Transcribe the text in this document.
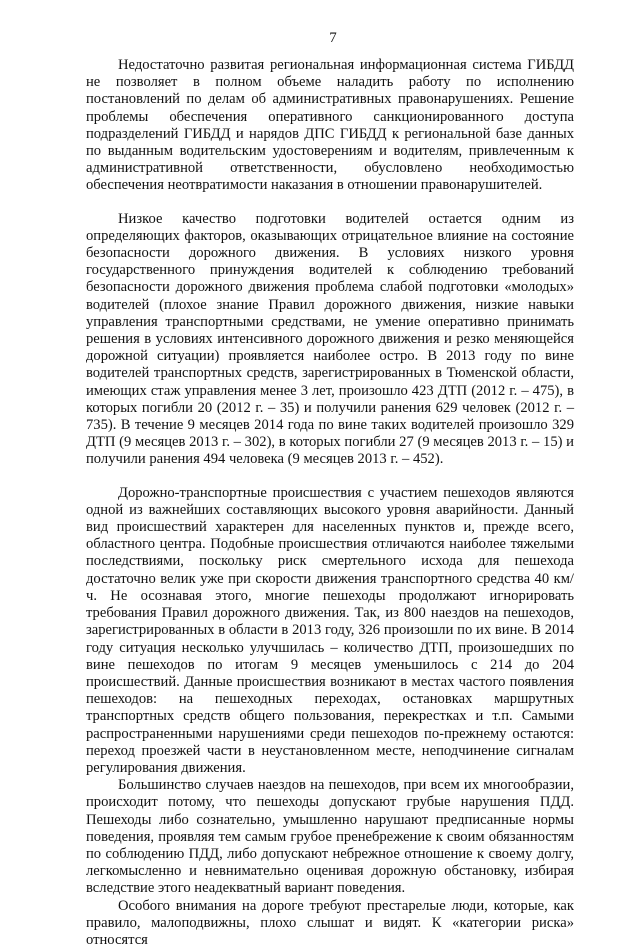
7

Недостаточно развитая региональная информационная система ГИБДД не позволяет в полном объеме наладить работу по исполнению постановлений по делам об административных правонарушениях. Решение проблемы обеспечения оперативного санкционированного доступа подразделений ГИБДД и нарядов ДПС ГИБДД к региональной базе данных по выданным водительским удостоверениям и водителям, привлеченным к административной ответственности, обусловлено необходимостью обеспечения неотвратимости наказания в отношении правонарушителей.

Низкое качество подготовки водителей остается одним из определяющих факторов, оказывающих отрицательное влияние на состояние безопасности дорожного движения. В условиях низкого уровня государственного принуждения водителей к соблюдению требований безопасности дорожного движения проблема слабой подготовки «молодых» водителей (плохое знание Правил дорожного движения, низкие навыки управления транспортными средствами, не умение оперативно принимать решения в условиях интенсивного дорожного движения и резко меняющейся дорожной ситуации) проявляется наиболее остро. В 2013 году по вине водителей транспортных средств, зарегистрированных в Тюменской области, имеющих стаж управления менее 3 лет, произошло 423 ДТП (2012 г. – 475), в которых погибли 20 (2012 г. – 35) и получили ранения 629 человек (2012 г. – 735). В течение 9 месяцев 2014 года по вине таких водителей произошло 329 ДТП (9 месяцев 2013 г. – 302), в которых погибли 27 (9 месяцев 2013 г. – 15) и получили ранения 494 человека (9 месяцев 2013 г. – 452).

Дорожно-транспортные происшествия с участием пешеходов являются одной из важнейших составляющих высокого уровня аварийности. Данный вид происшествий характерен для населенных пунктов и, прежде всего, областного центра. Подобные происшествия отличаются наиболее тяжелыми последствиями, поскольку риск смертельного исхода для пешехода достаточно велик уже при скорости движения транспортного средства 40 км/ч. Не осознавая этого, многие пешеходы продолжают игнорировать требования Правил дорожного движения. Так, из 800 наездов на пешеходов, зарегистрированных в области в 2013 году, 326 произошли по их вине. В 2014 году ситуация несколько улучшилась – количество ДТП, произошедших по вине пешеходов по итогам 9 месяцев уменьшилось с 214 до 204 происшествий. Данные происшествия возникают в местах частого появления пешеходов: на пешеходных переходах, остановках маршрутных транспортных средств общего пользования, перекрестках и т.п. Самыми распространенными нарушениями среди пешеходов по-прежнему остаются: переход проезжей части в неустановленном месте, неподчинение сигналам регулирования движения.

Большинство случаев наездов на пешеходов, при всем их многообразии, происходит потому, что пешеходы допускают грубые нарушения ПДД. Пешеходы либо сознательно, умышленно нарушают предписанные нормы поведения, проявляя тем самым грубое пренебрежение к своим обязанностям по соблюдению ПДД, либо допускают небрежное отношение к своему долгу, легкомысленно и невнимательно оценивая дорожную обстановку, избирая вследствие этого неадекватный вариант поведения.

Особого внимания на дороге требуют престарелые люди, которые, как правило, малоподвижны, плохо слышат и видят. К «категории риска» относятся
